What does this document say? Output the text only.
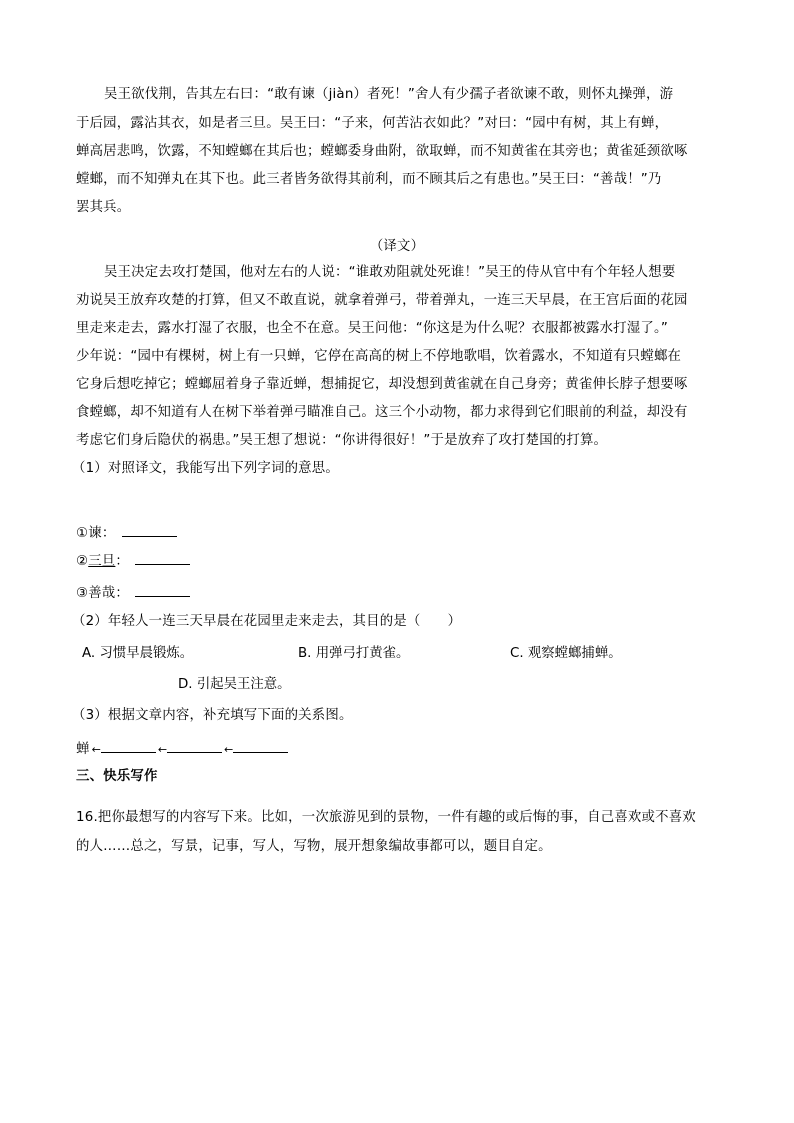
吴王欲伐荆，告其左右曰：“敢有谏（jiàn）者死！”舍人有少孺子者欲谏不敢，则怀丸操弹，游
于后园，露沾其衣，如是者三旦。吴王曰：“子来，何苦沾衣如此？”对曰：“园中有树，其上有蝉，
蝉高居悲鸣，饮露，不知螳螂在其后也；螳螂委身曲附，欲取蝉，而不知黄雀在其旁也；黄雀延颈欲啄
螳螂，而不知弹丸在其下也。此三者皆务欲得其前利，而不顾其后之有患也。”吴王曰：“善哉！”乃
罢其兵。
（译文）
吴王决定去攻打楚国，他对左右的人说：“谁敢劝阻就处死谁！”吴王的侍从官中有个年轻人想要
劝说吴王放弃攻楚的打算，但又不敢直说，就拿着弹弓，带着弹丸，一连三天早晨，在王宫后面的花园
里走来走去，露水打湿了衣服，也全不在意。吴王问他：“你这是为什么呢？衣服都被露水打湿了。”
少年说：“园中有棵树，树上有一只蝉，它停在高高的树上不停地歌唱，饮着露水，不知道有只螳螂在
它身后想吃掉它；螳螂屈着身子靠近蝉，想捕捉它，却没想到黄雀就在自己身旁；黄雀伸长脖子想要啄
食螳螂，却不知道有人在树下举着弹弓瞄准自己。这三个小动物，都力求得到它们眼前的利益，却没有
考虑它们身后隐伏的祸患。”吴王想了想说：“你讲得很好！”于是放弃了攻打楚国的打算。
（1）对照译文，我能写出下列字词的意思。
①谏：
②三旦：
③善哉：
（2）年轻人一连三天早晨在花园里走来走去，其目的是（　　）
A. 习惯早晨锻炼。	B. 用弹弓打黄雀。	C. 观察螳螂捕蝉。
D. 引起吴王注意。
（3）根据文章内容，补充填写下面的关系图。
蝉 ←	←	←
三、快乐写作
16.把你最想写的内容写下来。比如，一次旅游见到的景物，一件有趣的或后悔的事，自己喜欢或不喜欢
的人……总之，写景，记事，写人，写物，展开想象编故事都可以，题目自定。
